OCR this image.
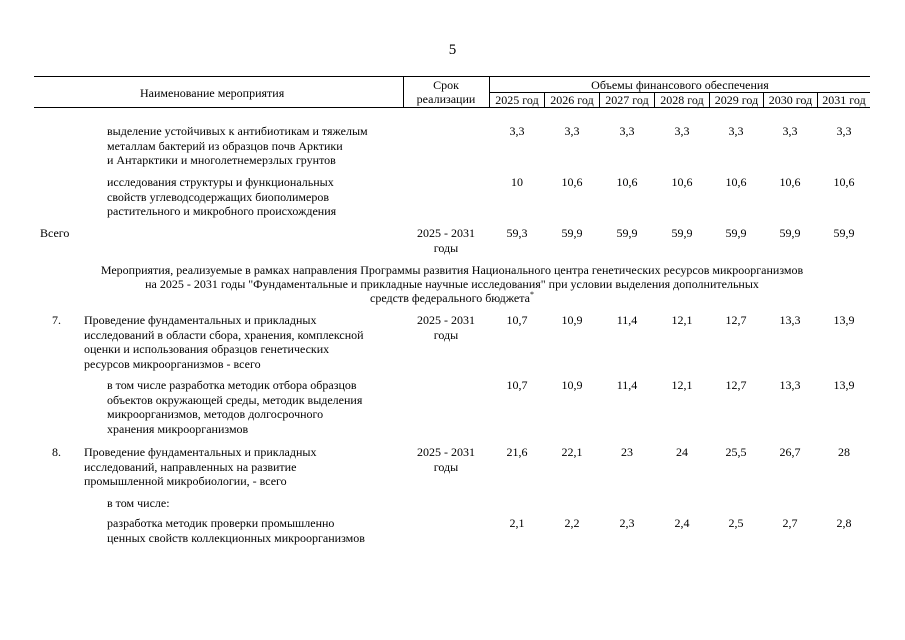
5
Наименование мероприятия
Срок
реализации
Объемы финансового обеспечения
2025 год 2026 год 2027 год 2028 год 2029 год 2030 год 2031 год
выделение устойчивых к антибиотикам и тяжелым
металлам бактерий из образцов почв Арктики
и Антарктики и многолетнемерзлых грунтов
3,3	3,3	3,3	3,3	3,3	3,3	3,3
исследования структуры и функциональных
свойств углеводсодержащих биополимеров
растительного и микробного происхождения
10	10,6	10,6	10,6	10,6	10,6	10,6
Всего	2025 - 2031
годы
59,3	59,9	59,9	59,9	59,9	59,9	59,9
Мероприятия, реализуемые в рамках направления Программы развития Национального центра генетических ресурсов микроорганизмов
на 2025 - 2031 годы "Фундаментальные и прикладные научные исследования" при условии выделения дополнительных
средств федерального бюджета*
7. Проведение фундаментальных и прикладных
исследований в области сбора, хранения, комплексной
оценки и использования образцов генетических
ресурсов микроорганизмов - всего
2025 - 2031
годы
10,7	10,9	11,4	12,1	12,7	13,3	13,9
в том числе разработка методик отбора образцов
объектов окружающей среды, методик выделения
микроорганизмов, методов долгосрочного
хранения микроорганизмов
10,7	10,9	11,4	12,1	12,7	13,3	13,9
8. Проведение фундаментальных и прикладных
исследований, направленных на развитие
промышленной микробиологии, - всего
2025 - 2031
годы
21,6	22,1	23	24	25,5	26,7	28
в том числе:
разработка методик проверки промышленно
ценных свойств коллекционных микроорганизмов
2,1	2,2	2,3	2,4	2,5	2,7	2,8
